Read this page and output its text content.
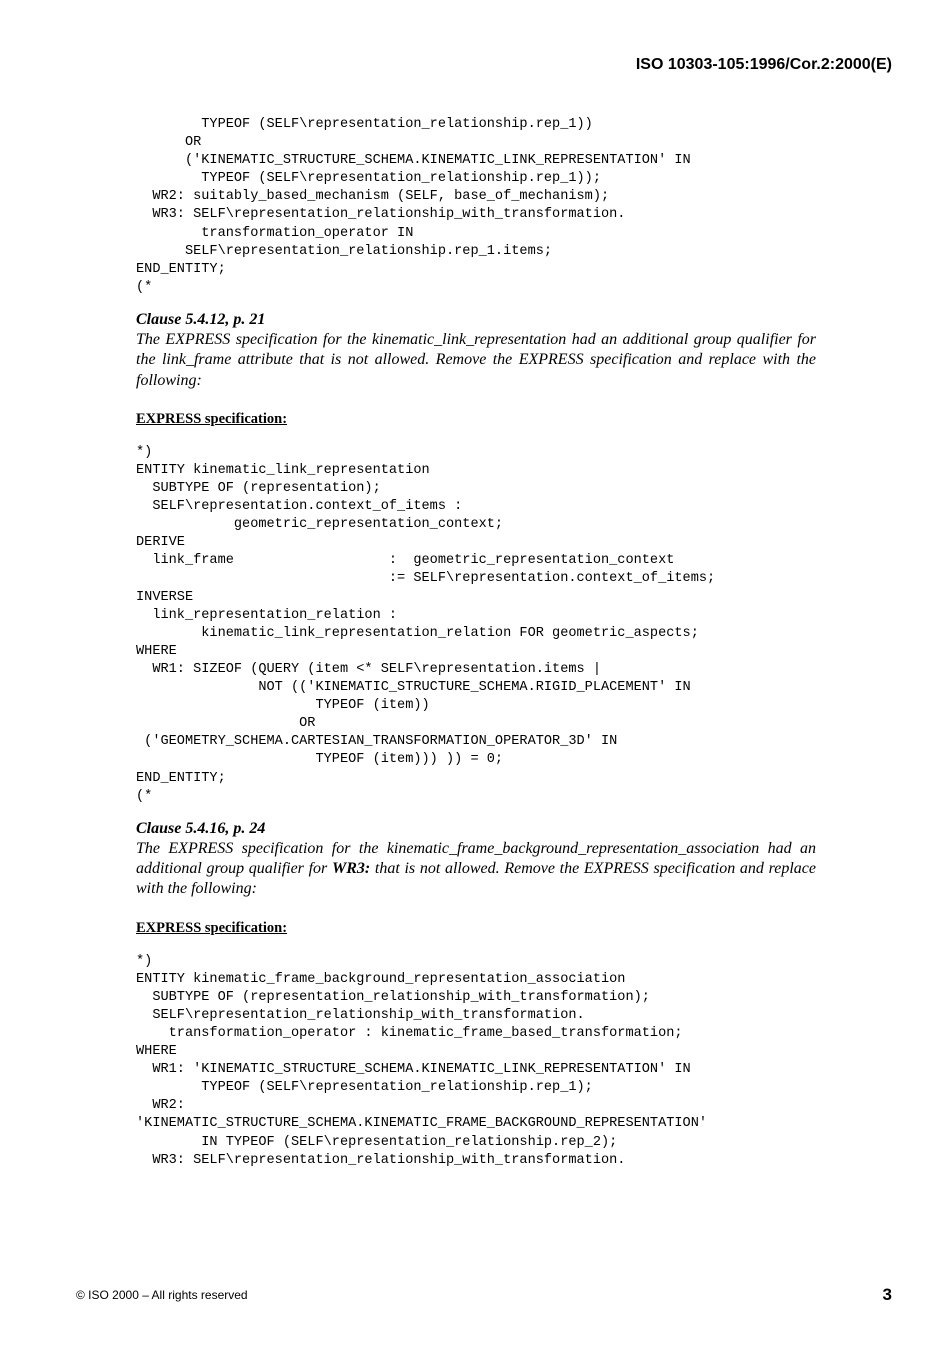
ISO 10303-105:1996/Cor.2:2000(E)
TYPEOF (SELF\representation_relationship.rep_1))
OR
('KINEMATIC_STRUCTURE_SCHEMA.KINEMATIC_LINK_REPRESENTATION' IN
TYPEOF (SELF\representation_relationship.rep_1));
WR2: suitably_based_mechanism (SELF, base_of_mechanism);
WR3: SELF\representation_relationship_with_transformation.
transformation_operator IN
SELF\representation_relationship.rep_1.items;
END_ENTITY;
(*

Clause 5.4.12, p. 21

The EXPRESS specification for the kinematic_link_representation had an additional group qualifier for the link_frame attribute that is not allowed. Remove the EXPRESS specification and replace with the following:

EXPRESS specification:

*)
ENTITY kinematic_link_representation
SUBTYPE OF (representation);
SELF\representation.context_of_items :
geometric_representation_context;
DERIVE
link_frame                   :  geometric_representation_context
:= SELF\representation.context_of_items;
INVERSE
link_representation_relation :
kinematic_link_representation_relation FOR geometric_aspects;
WHERE
WR1: SIZEOF (QUERY (item <* SELF\representation.items |
NOT (('KINEMATIC_STRUCTURE_SCHEMA.RIGID_PLACEMENT' IN
TYPEOF (item))
OR
('GEOMETRY_SCHEMA.CARTESIAN_TRANSFORMATION_OPERATOR_3D' IN
TYPEOF (item))) )) = 0;
END_ENTITY;
(*

Clause 5.4.16, p. 24

The EXPRESS specification for the kinematic_frame_background_representation_association had an additional group qualifier for WR3: that is not allowed. Remove the EXPRESS specification and replace with the following:

EXPRESS specification:

*)
ENTITY kinematic_frame_background_representation_association
SUBTYPE OF (representation_relationship_with_transformation);
SELF\representation_relationship_with_transformation.
transformation_operator : kinematic_frame_based_transformation;
WHERE
WR1: 'KINEMATIC_STRUCTURE_SCHEMA.KINEMATIC_LINK_REPRESENTATION' IN
TYPEOF (SELF\representation_relationship.rep_1);
WR2:
'KINEMATIC_STRUCTURE_SCHEMA.KINEMATIC_FRAME_BACKGROUND_REPRESENTATION'
IN TYPEOF (SELF\representation_relationship.rep_2);
WR3: SELF\representation_relationship_with_transformation.
© ISO 2000 – All rights reserved	3
